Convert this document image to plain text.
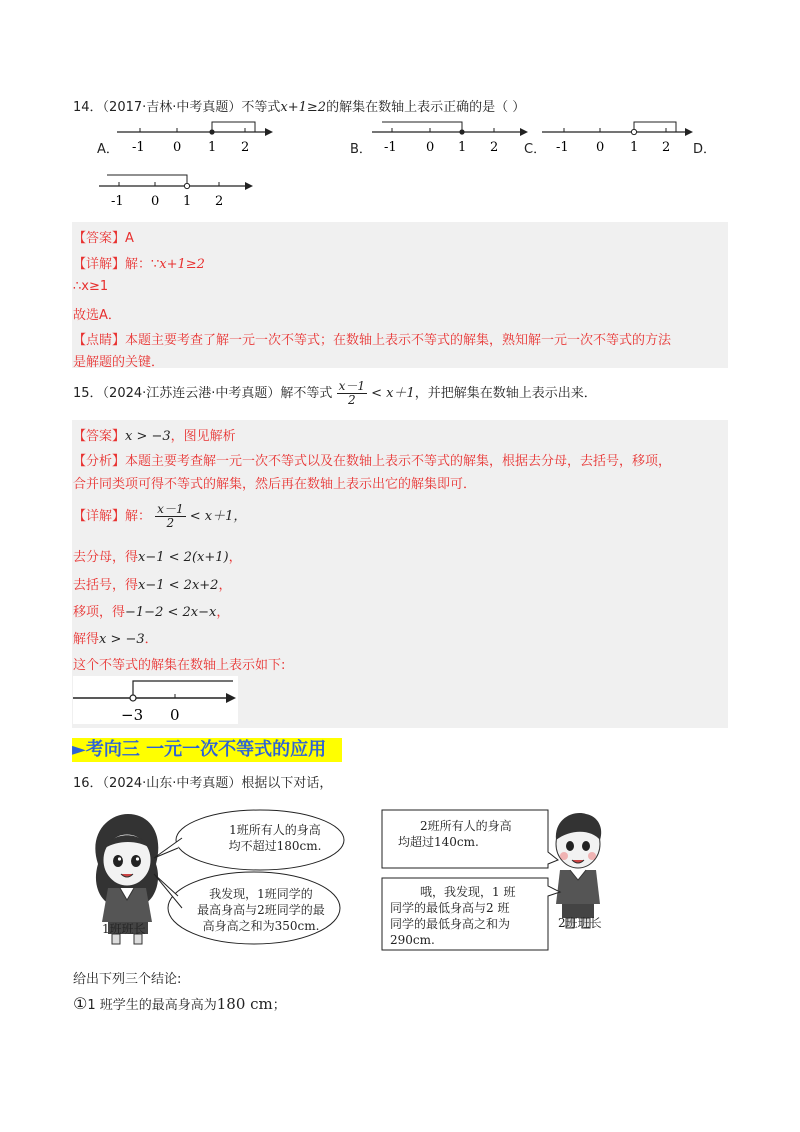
14．（2017·吉林·中考真题）不等式x+1≥2的解集在数轴上表示正确的是（ ）
A．	B．	C．	D．
-1 0 1 2	-1 0 1 2	-1 0 1 2
-1 0 1 2
【答案】A
【详解】解：∵x+1≥2
∴x≥1
故选A．
【点睛】本题主要考查了解一元一次不等式；在数轴上表示不等式的解集，熟知解一元一次不等式的方法
是解题的关键．
15．（2024·江苏连云港·中考真题）解不等式 $\frac{x-1}{2} < x+1$，并把解集在数轴上表示出来．
【答案】x > −3，图见解析
【分析】本题主要考查解一元一次不等式以及在数轴上表示不等式的解集，根据去分母，去括号，移项，
合并同类项可得不等式的解集，然后再在数轴上表示出它的解集即可．
【详解】解： $\frac{x-1}{2} < x+1$，
去分母，得x−1 < 2(x+1)，
去括号，得x−1 < 2x+2，
移项，得−1−2 < 2x−x，
解得x > −3．
这个不等式的解集在数轴上表示如下:
−3 0
►考向三 一元一次不等式的应用
16．（2024·山东·中考真题）根据以下对话，
1班所有人的身高
均不超过180cm.
我发现，1班同学的
最高身高与2班同学的最
高身高之和为350cm.
2班所有人的身高
均超过140cm.
哦，我发现，1 班
同学的最低身高与2 班
同学的最低身高之和为
290cm.
1班班长	2班班长
给出下列三个结论:
①1 班学生的最高身高为180 cm；
